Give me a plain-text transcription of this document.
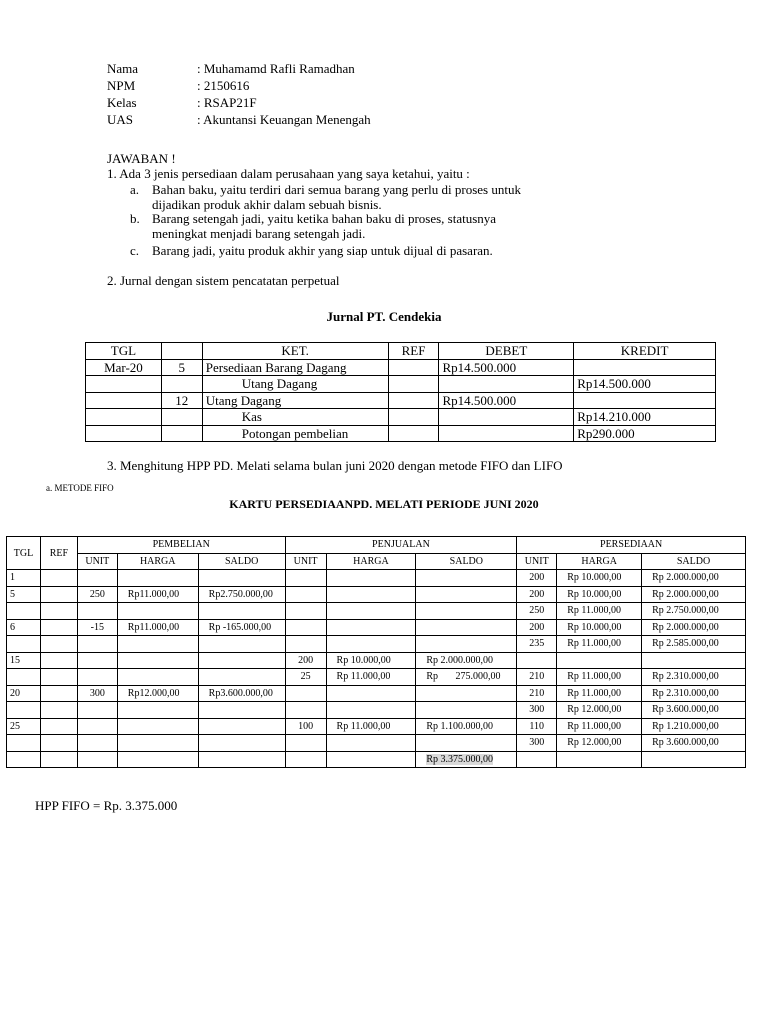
Nama	: Muhamamd Rafli Ramadhan
NPM	: 2150616
Kelas	: RSAP21F
UAS	: Akuntansi Keuangan Menengah
JAWABAN !
1. Ada 3 jenis persediaan dalam perusahaan yang saya ketahui, yaitu :
a. Bahan baku, yaitu terdiri dari semua barang yang perlu di proses untuk
dijadikan produk akhir dalam sebuah bisnis.
b. Barang setengah jadi, yaitu ketika bahan baku di proses, statusnya
meningkat menjadi barang setengah jadi.
c. Barang jadi, yaitu produk akhir yang siap untuk dijual di pasaran.
2. Jurnal dengan sistem pencatatan perpetual
Jurnal PT. Cendekia
TGL		KET.	REF	DEBET	KREDIT
Mar-20	5	Persediaan Barang Dagang		Rp14.500.000	
		Utang Dagang			Rp14.500.000
	12	Utang Dagang		Rp14.500.000	
		Kas			Rp14.210.000
		Potongan pembelian			Rp290.000
3. Menghitung HPP PD. Melati selama bulan juni 2020 dengan metode FIFO dan LIFO
a. METODE FIFO
KARTU PERSEDIAANPD. MELATI PERIODE JUNI 2020
TGL	REF	PEMBELIAN			PENJUALAN			PERSEDIAAN		
		UNIT	HARGA	SALDO	UNIT	HARGA	SALDO	UNIT	HARGA	SALDO
1								200	Rp 10.000,00	Rp 2.000.000,00
5		250	Rp11.000,00	Rp2.750.000,00				200	Rp 10.000,00	Rp 2.000.000,00
								250	Rp 11.000,00	Rp 2.750.000,00
6		-15	Rp11.000,00	Rp -165.000,00				200	Rp 10.000,00	Rp 2.000.000,00
								235	Rp 11.000,00	Rp 2.585.000,00
15					200	Rp 10.000,00	Rp 2.000.000,00			
					25	Rp 11.000,00	Rp       275.000,00	210	Rp 11.000,00	Rp 2.310.000,00
20		300	Rp12.000,00	Rp3.600.000,00				210	Rp 11.000,00	Rp 2.310.000,00
								300	Rp 12.000,00	Rp 3.600.000,00
25					100	Rp 11.000,00	Rp 1.100.000,00	110	Rp 11.000,00	Rp 1.210.000,00
								300	Rp 12.000,00	Rp 3.600.000,00
							Rp 3.375.000,00			
HPP FIFO = Rp. 3.375.000
